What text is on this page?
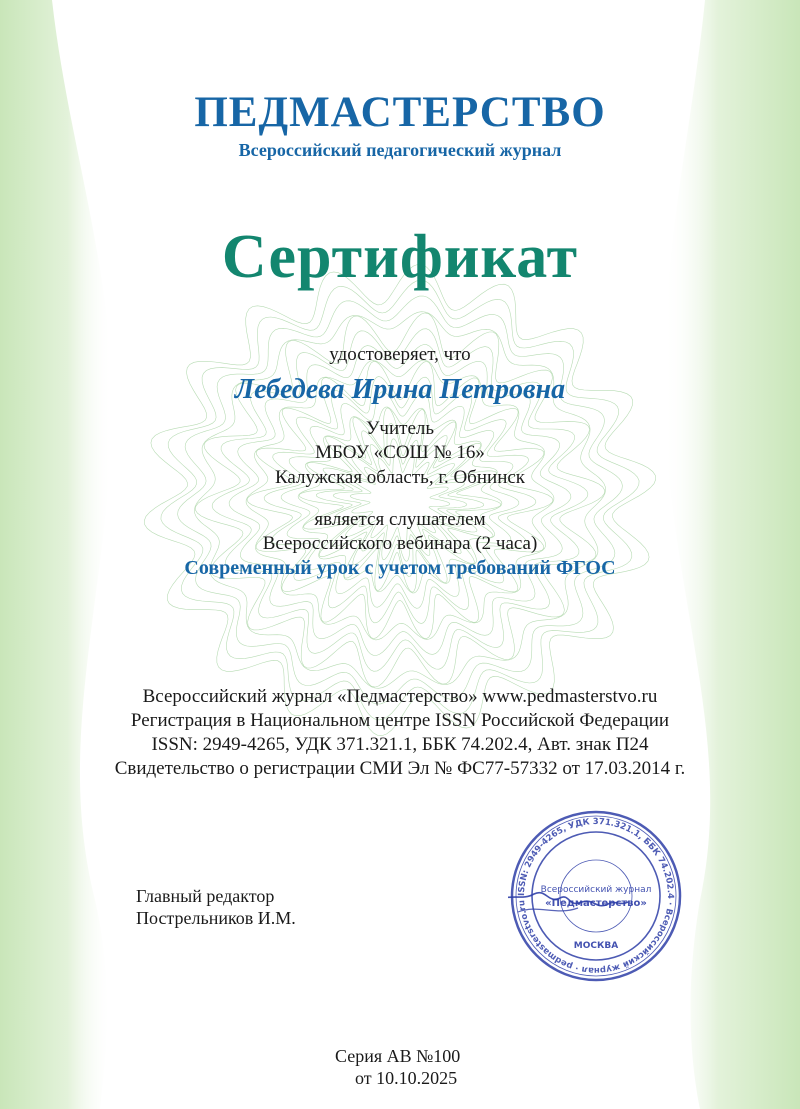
ПЕДМАСТЕРСТВО
Всероссийский педагогический журнал
Сертификат
удостоверяет, что
Лебедева Ирина Петровна
Учитель
МБОУ «СОШ № 16»
Калужская область, г. Обнинск
является слушателем
Всероссийского вебинара (2 часа)
Современный урок с учетом требований ФГОС
Всероссийский журнал «Педмастерство» www.pedmasterstvo.ru
Регистрация в Национальном центре ISSN Российской Федерации
ISSN: 2949-4265, УДК 371.321.1, ББК 74.202.4, Авт. знак П24
Свидетельство о регистрации СМИ Эл № ФС77-57332 от 17.03.2014 г.
Главный редактор
Пострельников И.М.
ISSN: 2949-4265, УДК 371.321.1, ББК 74.202.4 · Всероссийский журнал · pedmasterstvo.ru
Всероссийский журнал
«Педмастерство»
МОСКВА
Серия АВ №100
от 10.10.2025
